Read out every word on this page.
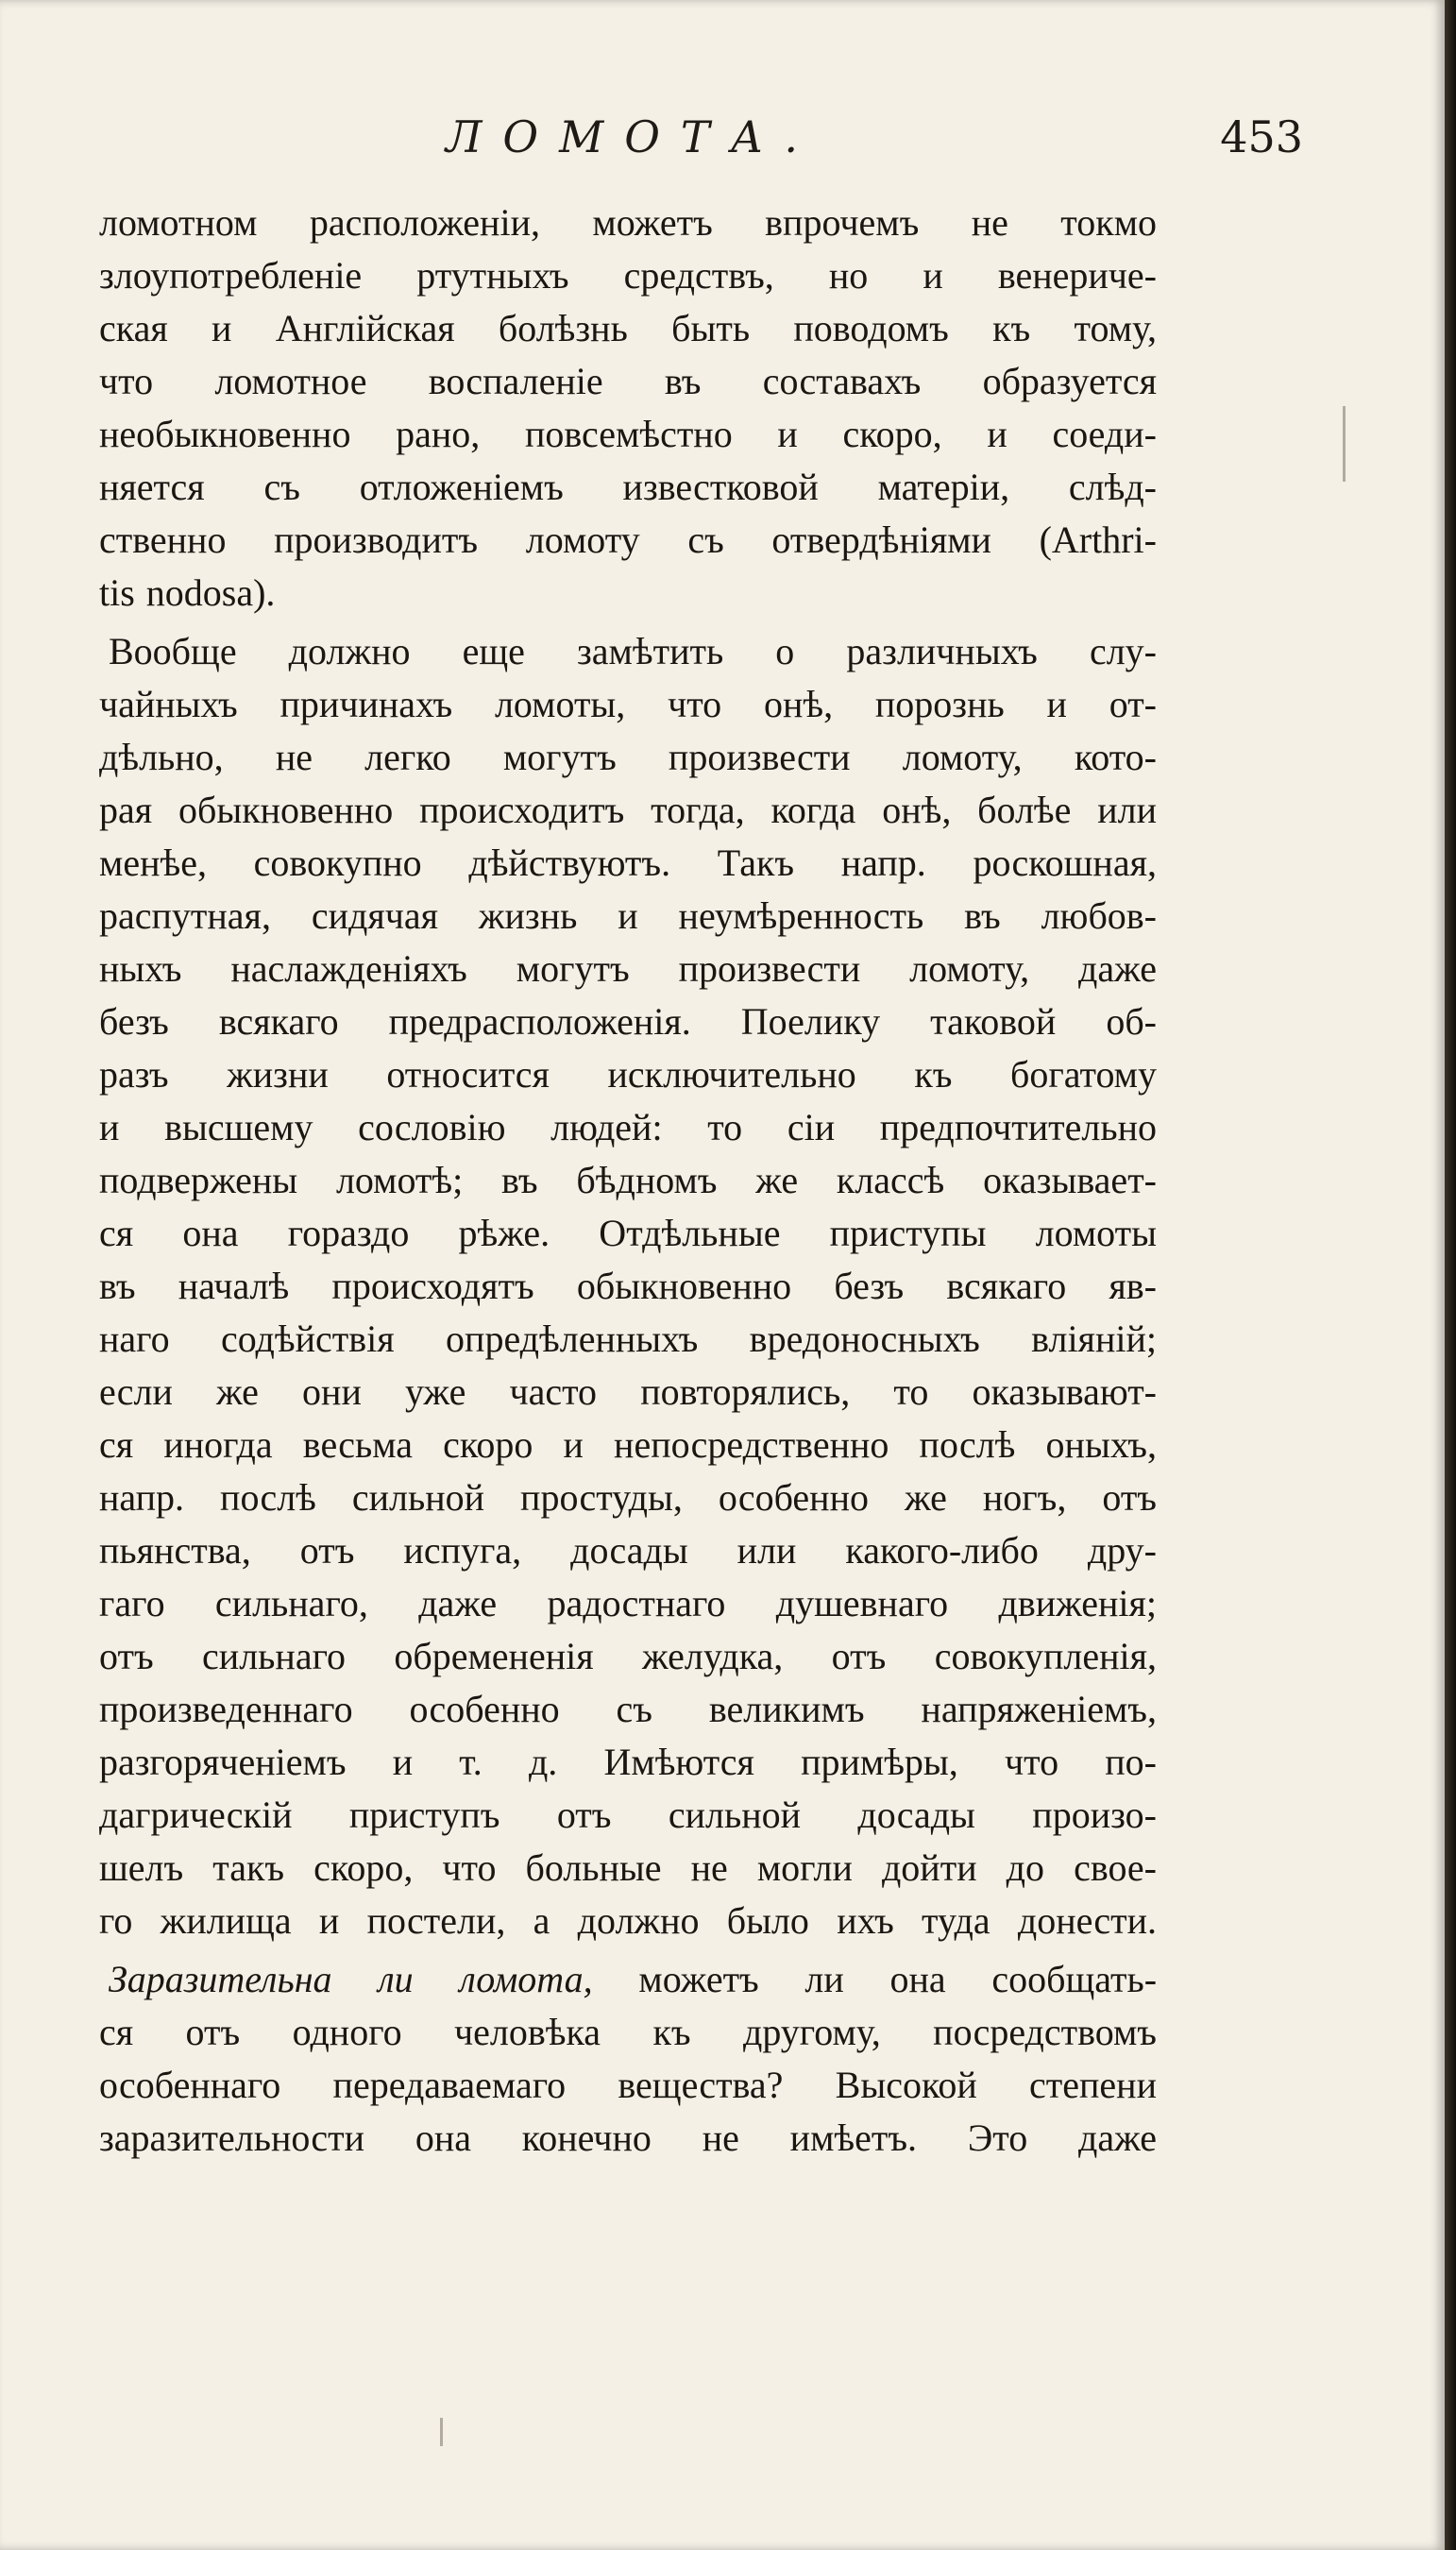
ЛОМОТА.	453
ломотном расположеніи, можетъ впрочемъ не токмо
злоупотребленіе ртутныхъ средствъ, но и венериче-
ская и Англійская болѣзнь быть поводомъ къ тому,
что ломотное воспаленіе въ составахъ образуется
необыкновенно рано, повсемѣстно и скоро, и соеди-
няется съ отложеніемъ известковой матеріи, слѣд-
ственно производитъ ломоту съ отвердѣніями (Arthri-
tis nodosa).
Вообще должно еще замѣтить о различныхъ слу-
чайныхъ причинахъ ломоты, что онѣ, порознь и от-
дѣльно, не легко могутъ произвести ломоту, кото-
рая обыкновенно происходитъ тогда, когда онѣ, болѣе или
менѣе, совокупно дѣйствуютъ. Такъ напр. роскошная,
распутная, сидячая жизнь и неумѣренность въ любов-
ныхъ наслажденіяхъ могутъ произвести ломоту, даже
безъ всякаго предрасположенія. Поелику таковой об-
разъ жизни относится исключительно къ богатому
и высшему сословію людей: то сіи предпочтительно
подвержены ломотѣ; въ бѣдномъ же классѣ оказывает-
ся она гораздо рѣже. Отдѣльные приступы ломоты
въ началѣ происходятъ обыкновенно безъ всякаго яв-
наго содѣйствія опредѣленныхъ вредоносныхъ вліяній;
если же они уже часто повторялись, то оказывают-
ся иногда весьма скоро и непосредственно послѣ оныхъ,
напр. послѣ сильной простуды, особенно же ногъ, отъ
пьянства, отъ испуга, досады или какого-либо дру-
гаго сильнаго, даже радостнаго душевнаго движенія;
отъ сильнаго обремененія желудка, отъ совокупленія,
произведеннаго особенно съ великимъ напряженіемъ,
разгоряченіемъ и т. д. Имѣются примѣры, что по-
дагрическій приступъ отъ сильной досады произо-
шелъ такъ скоро, что больные не могли дойти до свое-
го жилища и постели, а должно было ихъ туда донести.
Заразительна ли ломота, можетъ ли она сообщать-
ся отъ одного человѣка къ другому, посредствомъ
особеннаго передаваемаго вещества? Высокой степени
заразительности она конечно не имѣетъ. Это даже
